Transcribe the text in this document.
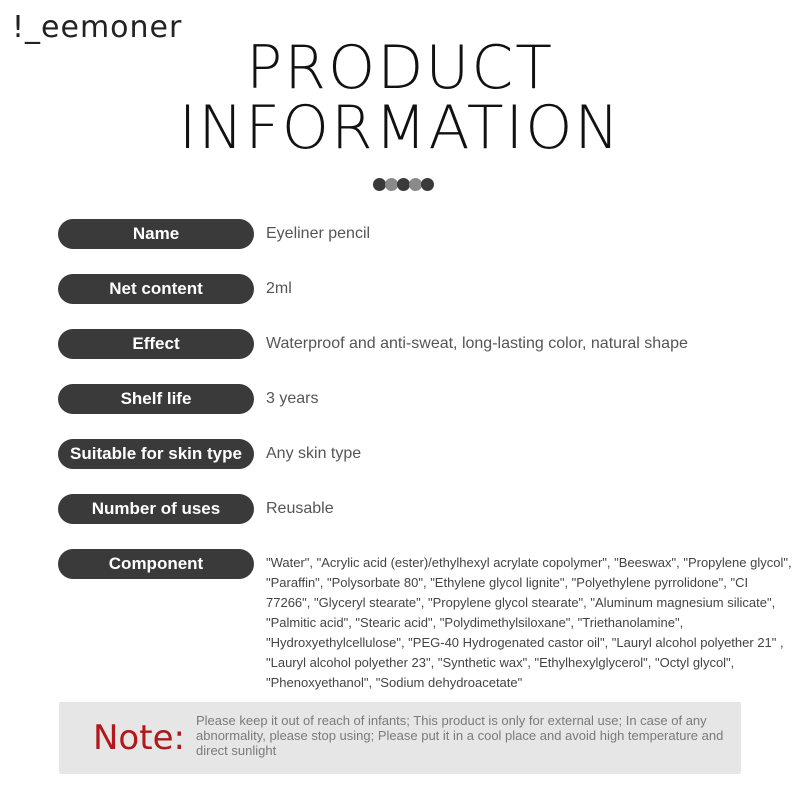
!_eemoner
PRODUCT
INFORMATION
Name	Eyeliner pencil
Net content	2ml
Effect	Waterproof and anti-sweat, long-lasting color, natural shape
Shelf life	3 years
Suitable for skin type	Any skin type
Number of uses	Reusable
Component	"Water", "Acrylic acid (ester)/ethylhexyl acrylate copolymer", "Beeswax", "Propylene glycol", "Paraffin", "Polysorbate 80", "Ethylene glycol lignite", "Polyethylene pyrrolidone", "CI 77266", "Glyceryl stearate", "Propylene glycol stearate", "Aluminum magnesium silicate", "Palmitic acid", "Stearic acid", "Polydimethylsiloxane", "Triethanolamine", "Hydroxyethylcellulose", "PEG-40 Hydrogenated castor oil", "Lauryl alcohol polyether 21" , "Lauryl alcohol polyether 23", "Synthetic wax", "Ethylhexylglycerol", "Octyl glycol", "Phenoxyethanol", "Sodium dehydroacetate"
Note: Please keep it out of reach of infants; This product is only for external use; In case of any abnormality, please stop using; Please put it in a cool place and avoid high temperature and direct sunlight
